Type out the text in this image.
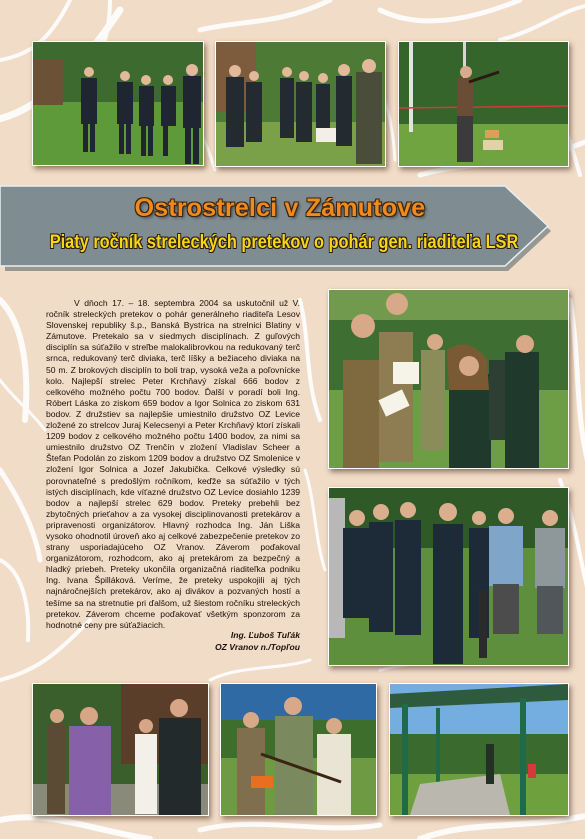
Ostrostrelci v Zámutove
Piaty ročník streleckých pretekov o pohár gen. riaditeľa LSR

V dňoch 17. – 18. septembra 2004 sa uskutočnil už V. ročník streleckých pretekov o pohár generálneho riaditeľa Lesov Slovenskej republiky š.p., Banská Bystrica na strelnici Blatiny v Zámutove. Pretekalo sa v siedmych disciplínach. Z guľových disciplín sa súťažilo v streľbe malokalibrovkou na redukovaný terč srnca, redukovaný terč diviaka, terč líšky a bežiaceho diviaka na 50 m. Z brokových disciplín to boli trap, vysoká veža a poľovnícke kolo. Najlepší strelec Peter Krchňavý získal 666 bodov z celkového možného počtu 700 bodov. Ďalší v poradí boli Ing. Róbert Láska zo ziskom 659 bodov a Igor Solnica zo ziskom 631 bodov. Z družstiev sa najlepšie umiestnilo družstvo OZ Levice zložené zo strelcov Juraj Kelecsenyi a Peter Krchňavý ktorí získali 1209 bodov z celkového možného počtu 1400 bodov, za nimi sa umiestnilo družstvo OZ Trenčín v zložení Vladislav Scheer a Štefan Podolán zo ziskom 1209 bodov a družstvo OZ Smolenice v zložení Igor Solnica a Jozef Jakubička. Celkové výsledky sú porovnateľné s predošlým ročníkom, keďže sa súťažilo v tých istých disciplínach, kde víťazné družstvo OZ Levice dosiahlo 1239 bodov a najlepší strelec 629 bodov. Preteky prebehli bez zbytočných prieťahov a za vysokej disciplinovanosti pretekárov a pripravenosti organizátorov. Hlavný rozhodca Ing. Ján Liška vysoko ohodnotil úroveň ako aj celkové zabezpečenie pretekov zo strany usporiadajúceho OZ Vranov. Záverom poďakoval organizátorom, rozhodcom, ako aj pretekárom za bezpečný a hladký priebeh. Preteky ukončila organizačná riaditeľka podniku Ing. Ivana Špilláková. Veríme, že preteky uspokojili aj tých najnáročnejších pretekárov, ako aj divákov a pozvaných hostí a tešíme sa na stretnutie pri ďalšom, už šiestom ročníku streleckých pretekov. Záverom chceme poďakovať všetkým sponzorom za hodnotné ceny pre súťažiacich.

Ing. Ľuboš Tuľák
OZ Vranov n./Topľou
